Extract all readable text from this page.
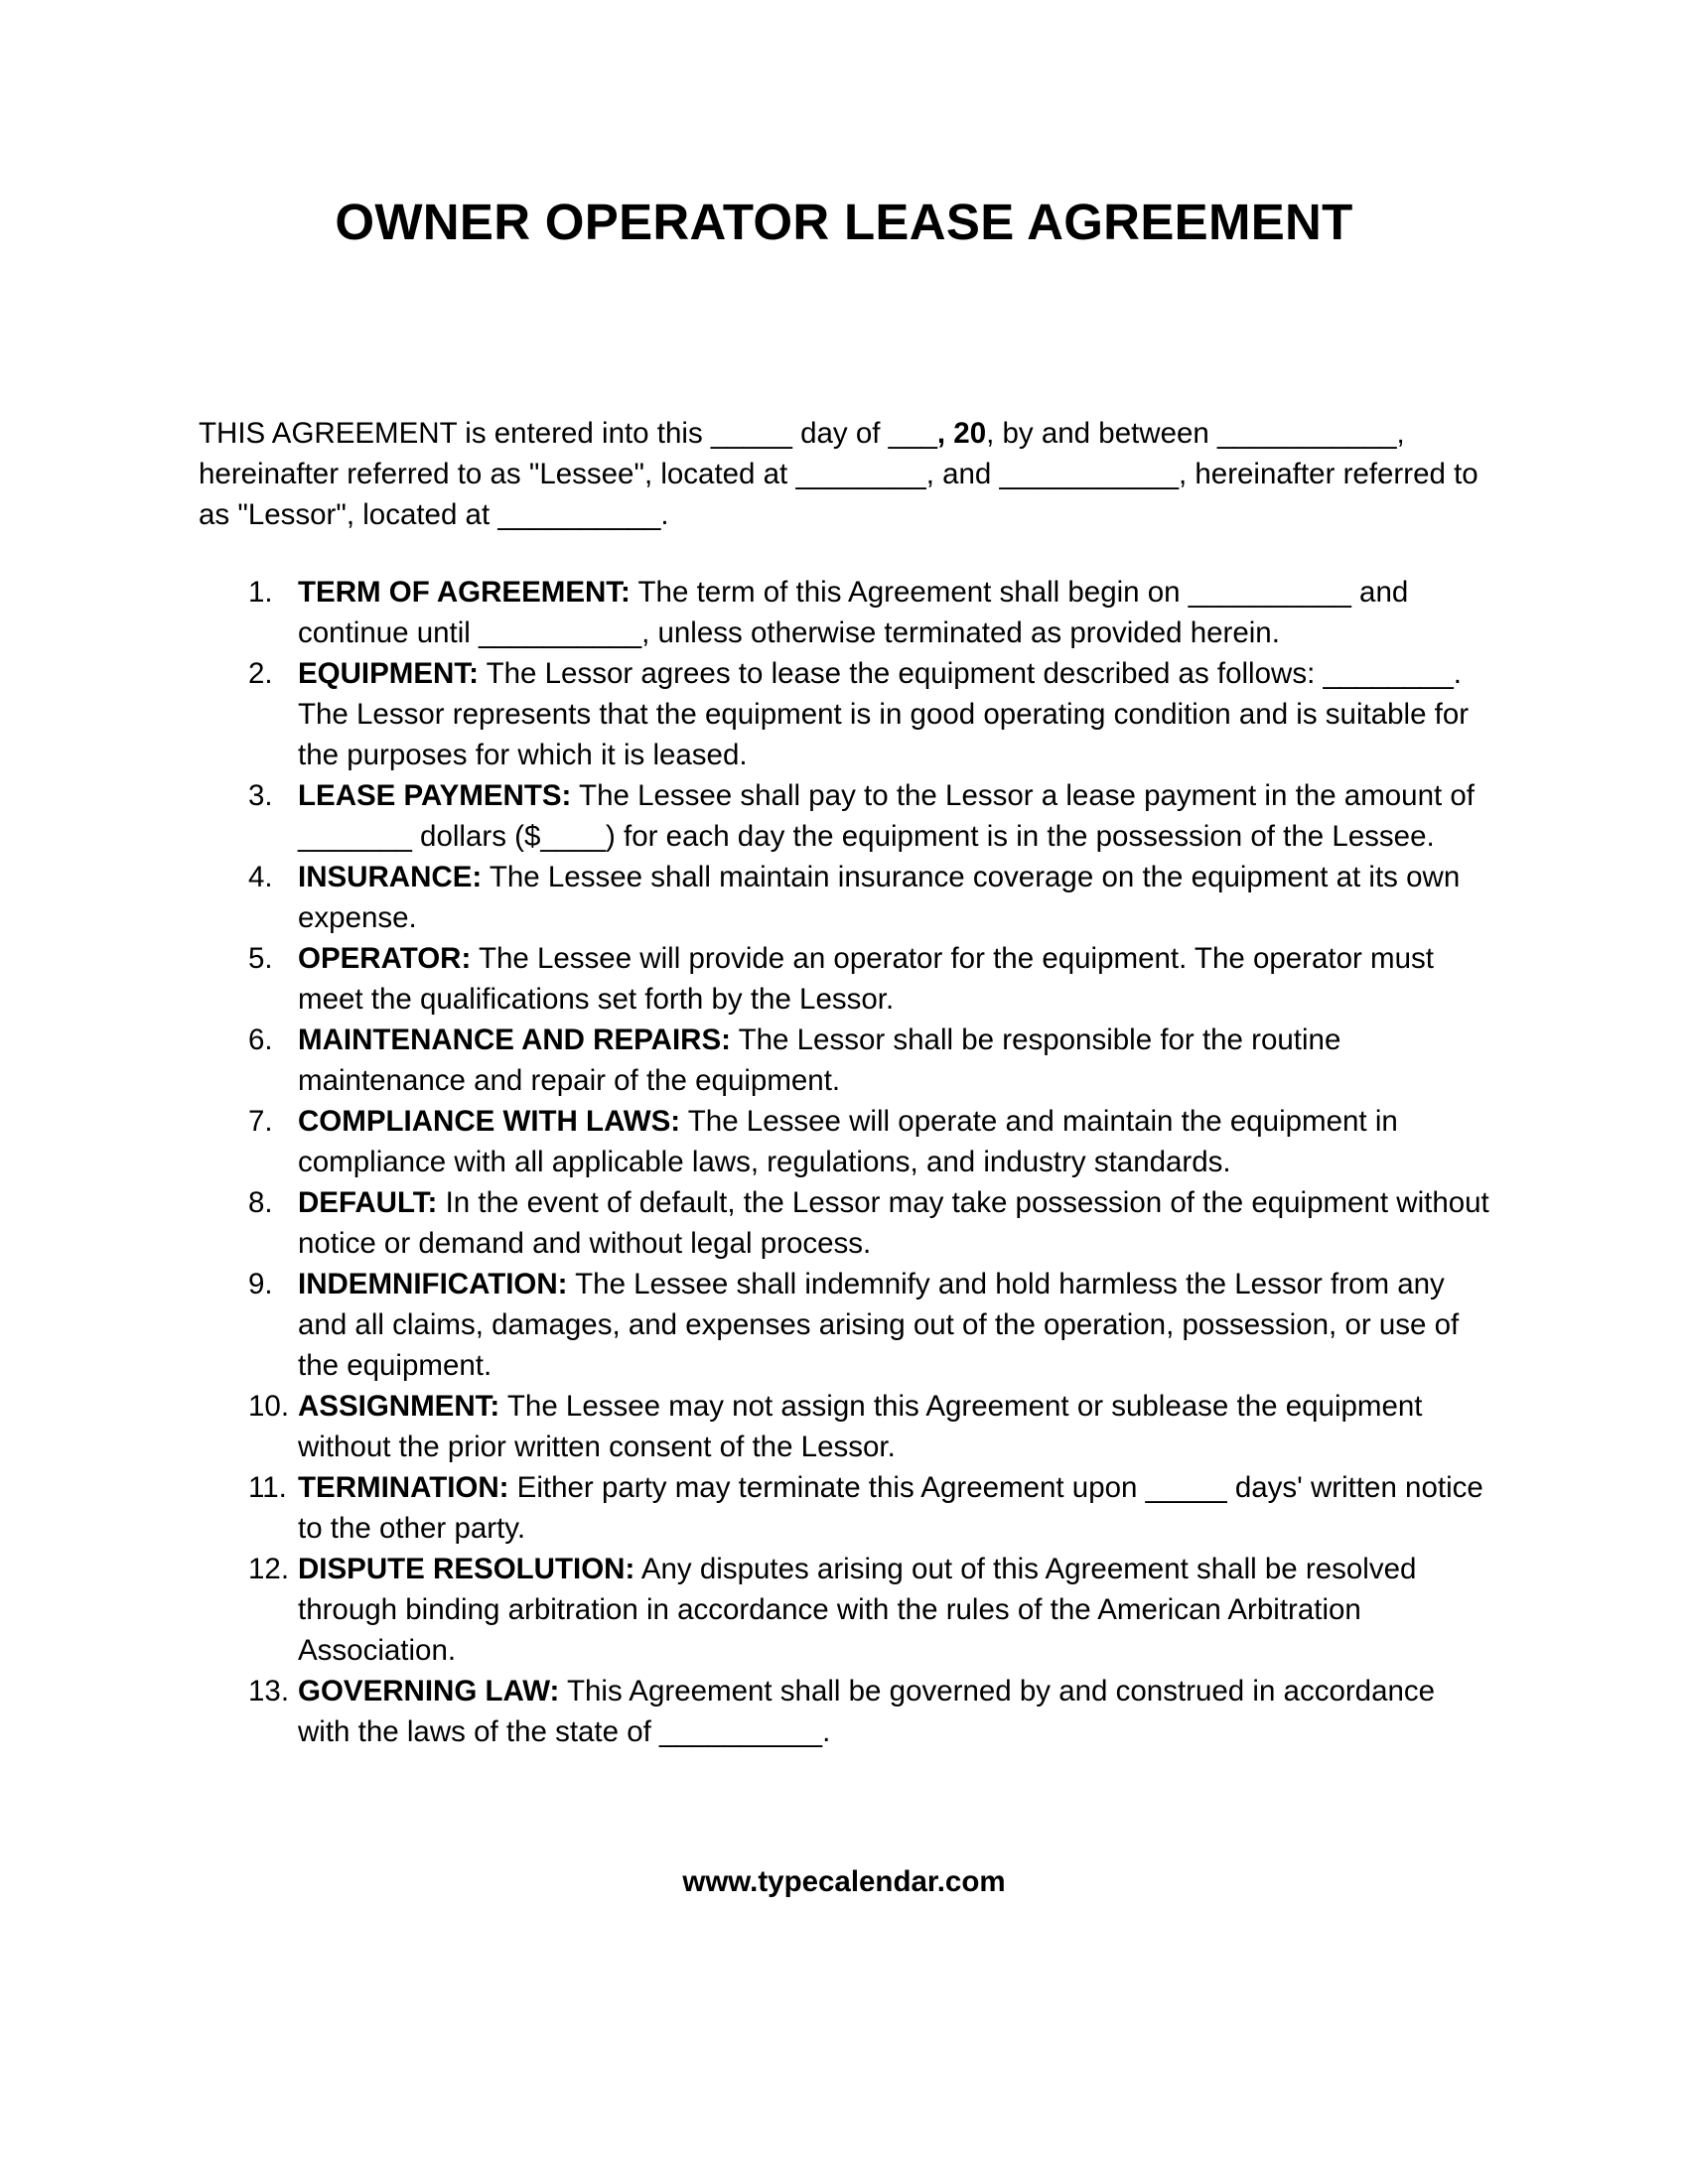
OWNER OPERATOR LEASE AGREEMENT

THIS AGREEMENT is entered into this _____ day of ___, 20, by and between ___________, hereinafter referred to as "Lessee", located at ________, and ___________, hereinafter referred to as "Lessor", located at __________.

1. TERM OF AGREEMENT: The term of this Agreement shall begin on __________ and continue until __________, unless otherwise terminated as provided herein.
2. EQUIPMENT: The Lessor agrees to lease the equipment described as follows: ________. The Lessor represents that the equipment is in good operating condition and is suitable for the purposes for which it is leased.
3. LEASE PAYMENTS: The Lessee shall pay to the Lessor a lease payment in the amount of _______ dollars ($____) for each day the equipment is in the possession of the Lessee.
4. INSURANCE: The Lessee shall maintain insurance coverage on the equipment at its own expense.
5. OPERATOR: The Lessee will provide an operator for the equipment. The operator must meet the qualifications set forth by the Lessor.
6. MAINTENANCE AND REPAIRS: The Lessor shall be responsible for the routine maintenance and repair of the equipment.
7. COMPLIANCE WITH LAWS: The Lessee will operate and maintain the equipment in compliance with all applicable laws, regulations, and industry standards.
8. DEFAULT: In the event of default, the Lessor may take possession of the equipment without notice or demand and without legal process.
9. INDEMNIFICATION: The Lessee shall indemnify and hold harmless the Lessor from any and all claims, damages, and expenses arising out of the operation, possession, or use of the equipment.
10. ASSIGNMENT: The Lessee may not assign this Agreement or sublease the equipment without the prior written consent of the Lessor.
11. TERMINATION: Either party may terminate this Agreement upon _____ days' written notice to the other party.
12. DISPUTE RESOLUTION: Any disputes arising out of this Agreement shall be resolved through binding arbitration in accordance with the rules of the American Arbitration Association.
13. GOVERNING LAW: This Agreement shall be governed by and construed in accordance with the laws of the state of __________.

www.typecalendar.com
